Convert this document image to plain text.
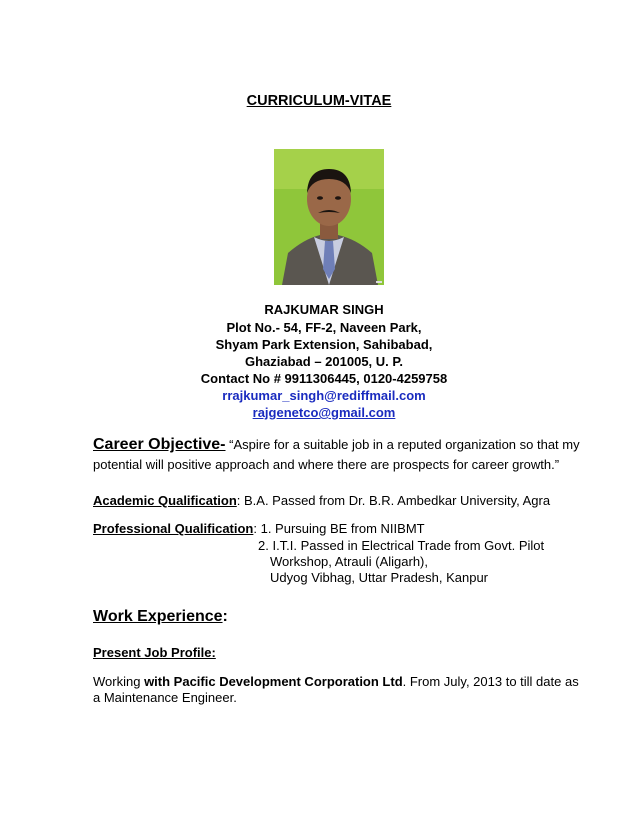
CURRICULUM-VITAE
RAJKUMAR SINGH
Plot No.- 54, FF-2, Naveen Park,
Shyam Park Extension, Sahibabad,
Ghaziabad – 201005, U. P.
Contact No # 9911306445, 0120-4259758
rrajkumar_singh@rediffmail.com
rajgenetco@gmail.com
Career Objective- “Aspire for a suitable job in a reputed organization so that my
potential will positive approach and where there are prospects for career growth.”
Academic Qualification: B.A. Passed from Dr. B.R. Ambedkar University, Agra
Professional Qualification: 1. Pursuing BE from NIIBMT
2. I.T.I. Passed in Electrical Trade from Govt. Pilot
Workshop, Atrauli (Aligarh),
Udyog Vibhag, Uttar Pradesh, Kanpur
Work Experience:
Present Job Profile:
Working with Pacific Development Corporation Ltd. From July, 2013 to till date as
a Maintenance Engineer.
